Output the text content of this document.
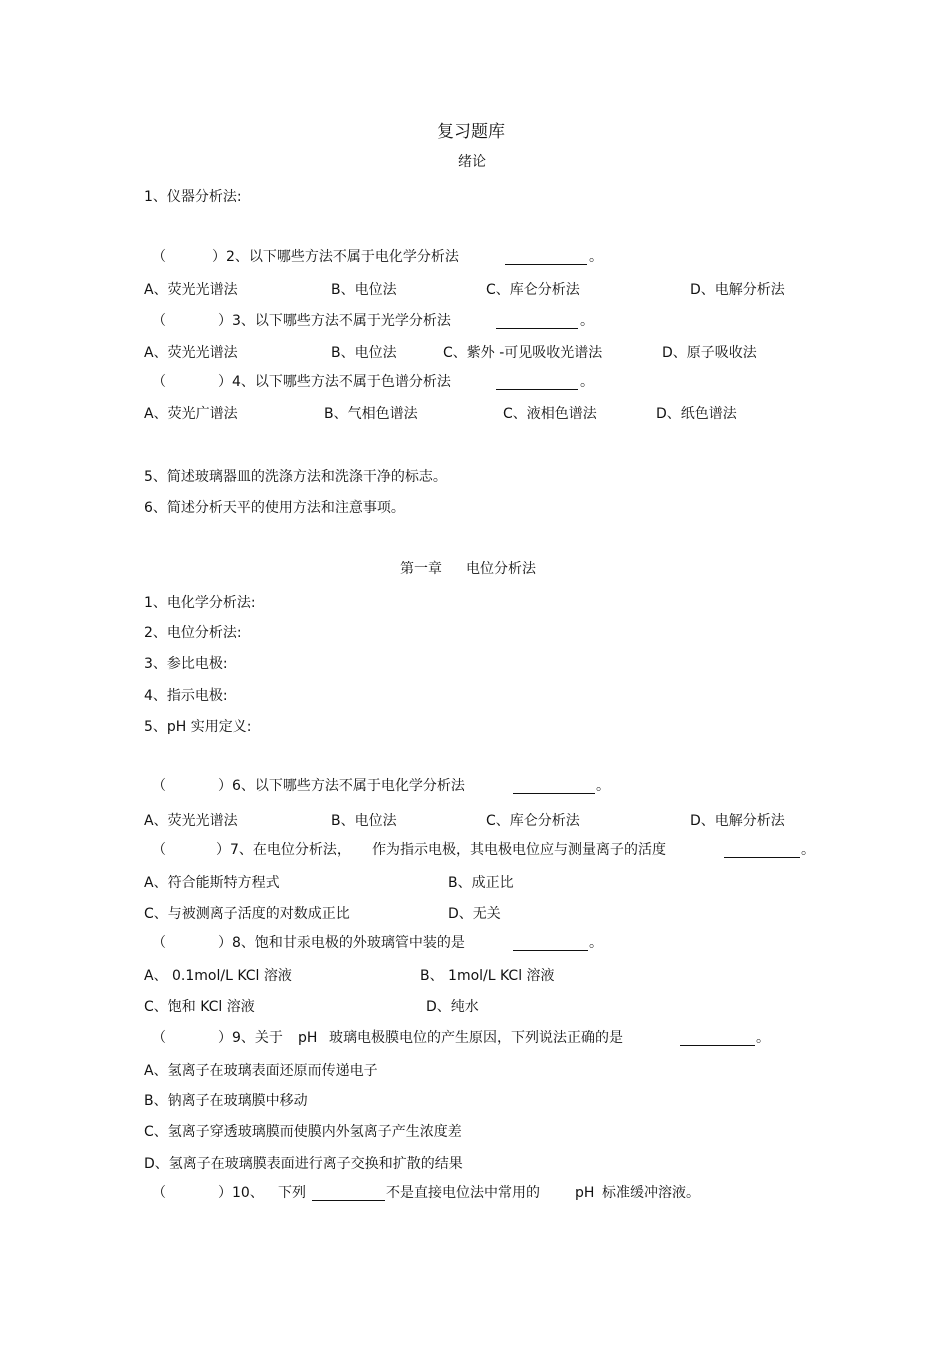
复习题库
绪论
1、仪器分析法:
（	）2、以下哪些方法不属于电化学分析法	。
A、荧光光谱法	B、电位法	C、库仑分析法	D、电解分析法
（	）3、以下哪些方法不属于光学分析法	。
A、荧光光谱法	B、电位法	C、紫外 -可见吸收光谱法	D、原子吸收法
（	）4、以下哪些方法不属于色谱分析法	。
A、荧光广谱法	B、气相色谱法	C、液相色谱法	D、纸色谱法
5、简述玻璃器皿的洗涤方法和洗涤干净的标志。
6、简述分析天平的使用方法和注意事项。
第一章 电位分析法
1、电化学分析法:
2、电位分析法:
3、参比电极:
4、指示电极:
5、pH 实用定义:
（	）6、以下哪些方法不属于电化学分析法	。
A、荧光光谱法	B、电位法	C、库仑分析法	D、电解分析法
（	）7、在电位分析法， 作为指示电极，其电极电位应与测量离子的活度	。
A、符合能斯特方程式	B、成正比
C、与被测离子活度的对数成正比	D、无关
（	）8、饱和甘汞电极的外玻璃管中装的是	。
A、 0.1mol/L KCl 溶液	B、 1mol/L KCl 溶液
C、饱和 KCl 溶液	D、纯水
（	）9、关于 pH 玻璃电极膜电位的产生原因，下列说法正确的是	。
A、氢离子在玻璃表面还原而传递电子
B、钠离子在玻璃膜中移动
C、氢离子穿透玻璃膜而使膜内外氢离子产生浓度差
D、氢离子在玻璃膜表面进行离子交换和扩散的结果
（	）10、 下列	不是直接电位法中常用的	pH 标准缓冲溶液。
